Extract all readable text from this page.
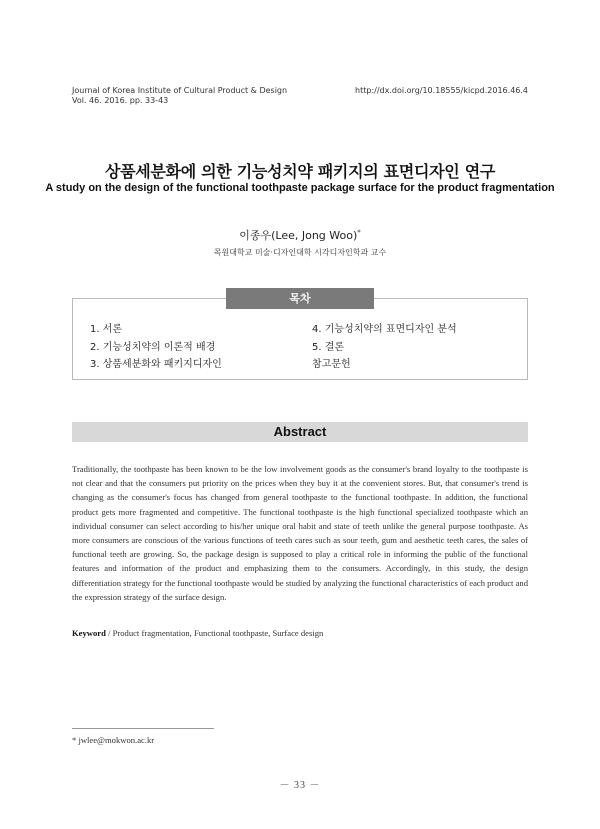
Journal of Korea Institute of Cultural Product & Design
Vol. 46. 2016. pp. 33-43
http://dx.doi.org/10.18555/kicpd.2016.46.4
상품세분화에 의한 기능성치약 패키지의 표면디자인 연구
A study on the design of the functional toothpaste package surface for the product fragmentation
이종우(Lee, Jong Woo)*
목원대학교 미술·디자인대학 시각디자인학과 교수
목차
1. 서론
2. 기능성치약의 이론적 배경
3. 상품세분화와 패키지디자인
4. 기능성치약의 표면디자인 분석
5. 결론
참고문헌
Abstract

Traditionally, the toothpaste has been known to be the low involvement goods as the consumer's brand loyalty to the toothpaste is not clear and that the consumers put priority on the prices when they buy it at the convenient stores. But, that consumer's trend is changing as the consumer's focus has changed from general toothpaste to the functional toothpaste. In addition, the functional product gets more fragmented and competitive. The functional toothpaste is the high functional specialized toothpaste which an individual consumer can select according to his/her unique oral habit and state of teeth unlike the general purpose toothpaste. As more consumers are conscious of the various functions of teeth cares such as sour teeth, gum and aesthetic teeth cares, the sales of functional teeth are growing. So, the package design is supposed to play a critical role in informing the public of the functional features and information of the product and emphasizing them to the consumers. Accordingly, in this study, the design differentiation strategy for the functional toothpaste would be studied by analyzing the functional characteristics of each product and the expression strategy of the surface design.

Keyword / Product fragmentation, Functional toothpaste, Surface design
* jwlee@mokwon.ac.kr
－ 33 －
